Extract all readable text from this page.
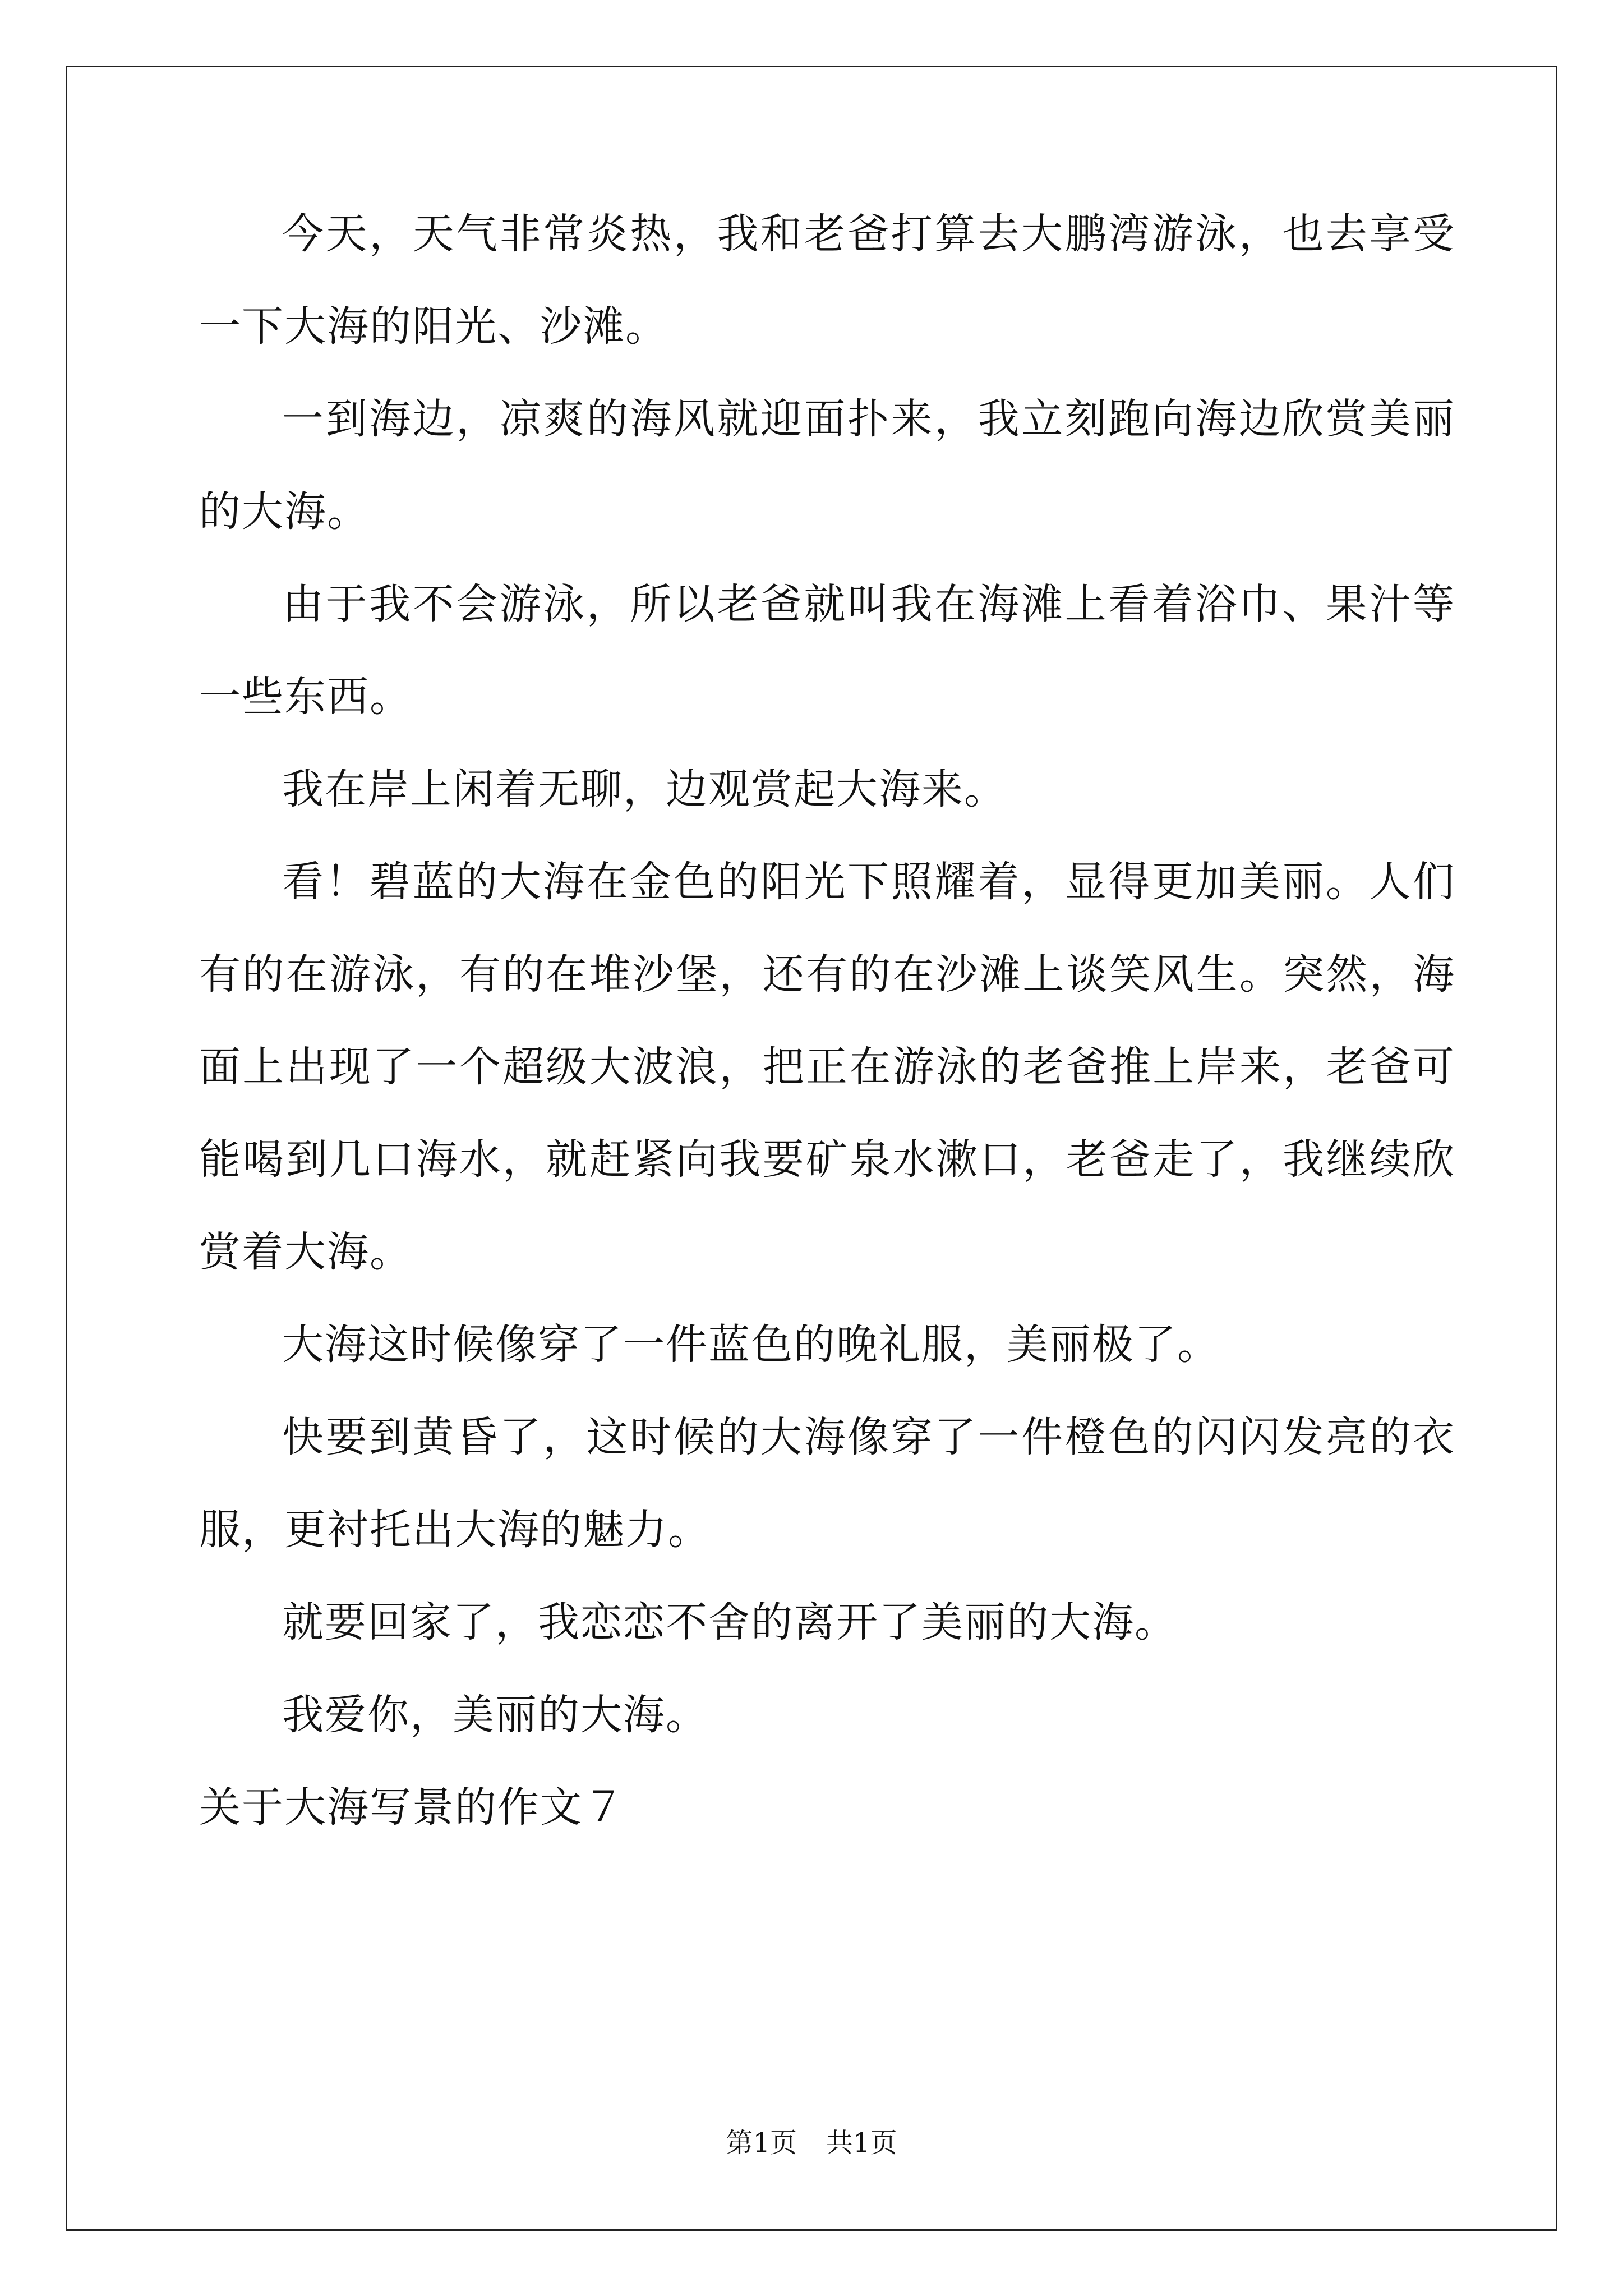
今天，天气非常炎热，我和老爸打算去大鹏湾游泳，也去享受一下大海的阳光、沙滩。

一到海边，凉爽的海风就迎面扑来，我立刻跑向海边欣赏美丽的大海。

由于我不会游泳，所以老爸就叫我在海滩上看着浴巾、果汁等一些东西。

我在岸上闲着无聊，边观赏起大海来。

看！碧蓝的大海在金色的阳光下照耀着，显得更加美丽。人们有的在游泳，有的在堆沙堡，还有的在沙滩上谈笑风生。突然，海面上出现了一个超级大波浪，把正在游泳的老爸推上岸来，老爸可能喝到几口海水，就赶紧向我要矿泉水漱口，老爸走了，我继续欣赏着大海。

大海这时候像穿了一件蓝色的晚礼服，美丽极了。

快要到黄昏了，这时候的大海像穿了一件橙色的闪闪发亮的衣服，更衬托出大海的魅力。

就要回家了，我恋恋不舍的离开了美丽的大海。

我爱你，美丽的大海。

关于大海写景的作文７

第1页 共1页
